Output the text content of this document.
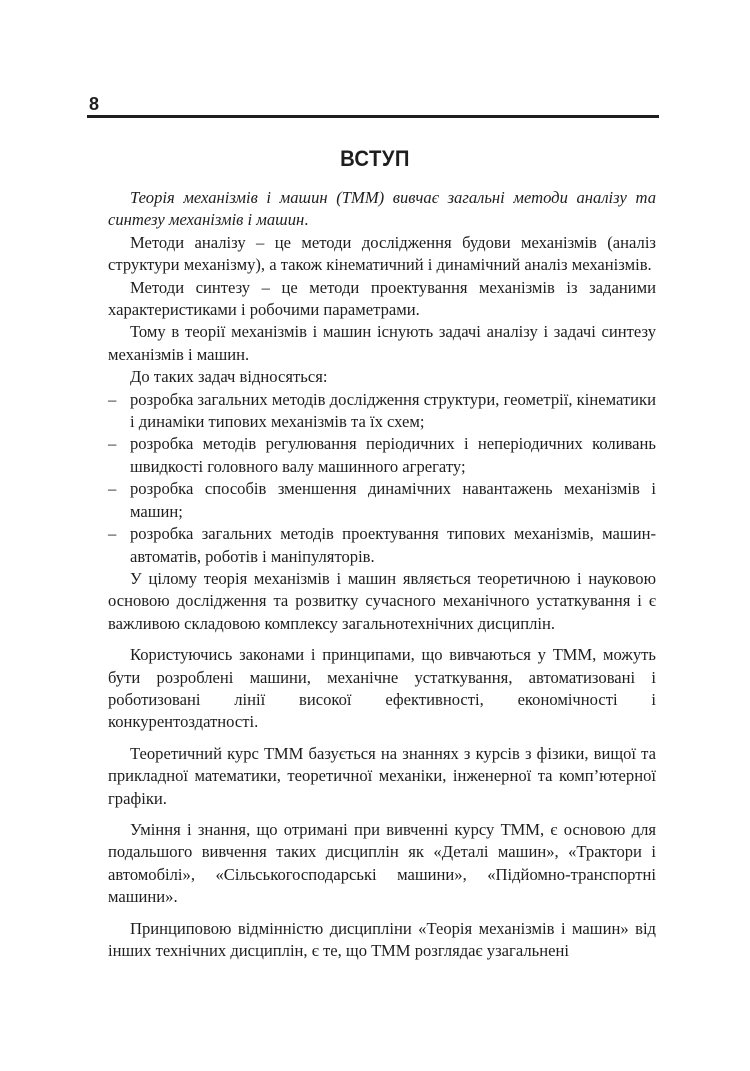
8
ВСТУП

Теорія механізмів і машин (ТММ) вивчає загальні методи аналізу та синтезу механізмів і машин.

Методи аналізу – це методи дослідження будови механізмів (аналіз структури механізму), а також кінематичний і динамічний аналіз механізмів.

Методи синтезу – це методи проектування механізмів із заданими характеристиками і робочими параметрами.

Тому в теорії механізмів і машин існують задачі аналізу і задачі синтезу механізмів і машин.

До таких задач відносяться:

– розробка загальних методів дослідження структури, геометрії, кінематики і динаміки типових механізмів та їх схем;
– розробка методів регулювання періодичних і неперіодичних коливань швидкості головного валу машинного агрегату;
– розробка способів зменшення динамічних навантажень механізмів і машин;
– розробка загальних методів проектування типових механізмів, машин-автоматів, роботів і маніпуляторів.

У цілому теорія механізмів і машин являється теоретичною і науковою основою дослідження та розвитку сучасного механічного устаткування і є важливою складовою комплексу загальнотехнічних дисциплін.

Користуючись законами і принципами, що вивчаються у ТММ, можуть бути розроблені машини, механічне устаткування, автоматизовані і роботизовані лінії високої ефективності, економічності і конкурентоздатності.

Теоретичний курс ТММ базується на знаннях з курсів з фізики, вищої та прикладної математики, теоретичної механіки, інженерної та комп’ютерної графіки.

Уміння і знання, що отримані при вивченні курсу ТММ, є основою для подальшого вивчення таких дисциплін як «Деталі машин», «Трактори і автомобілі», «Сільськогосподарські машини», «Підйомно-транспортні машини».

Принциповою відмінністю дисципліни «Теорія механізмів і машин» від інших технічних дисциплін, є те, що ТММ розглядає узагальнені
